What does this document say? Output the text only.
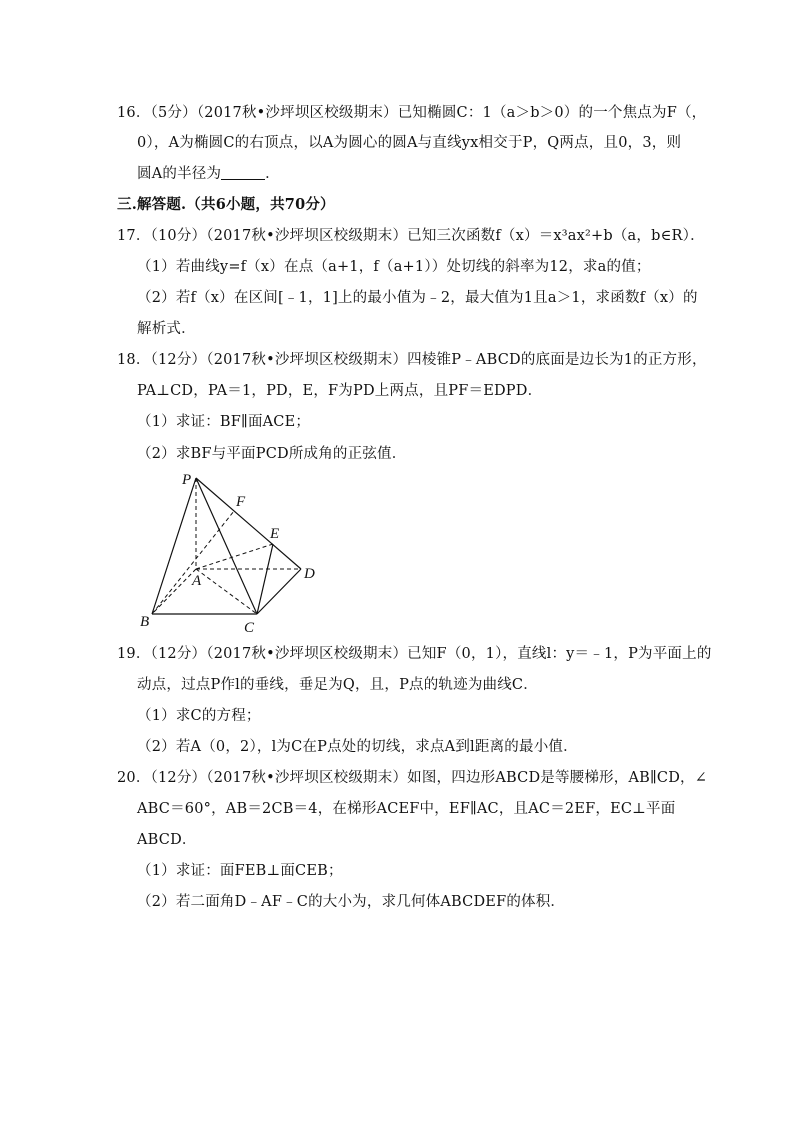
16．（5分）（2017秋•沙坪坝区校级期末）已知椭圆C：1（a＞b＞0）的一个焦点为F（，
0），A为椭圆C的右顶点，以A为圆心的圆A与直线yx相交于P，Q两点，且0，3，则
圆A的半径为	．
三.解答题.（共6小题，共70分）
17．（10分）（2017秋•沙坪坝区校级期末）已知三次函数f（x）＝x³ax²+b（a，b∈R）．
（1）若曲线y=f（x）在点（a+1，f（a+1））处切线的斜率为12，求a的值；
（2）若f（x）在区间[﹣1，1]上的最小值为﹣2，最大值为1且a＞1，求函数f（x）的
解析式．
18．（12分）（2017秋•沙坪坝区校级期末）四棱锥P﹣ABCD的底面是边长为1的正方形，
PA⊥CD，PA＝1，PD，E，F为PD上两点，且PF＝EDPD．
（1）求证：BF∥面ACE；
（2）求BF与平面PCD所成角的正弦值．
P
F
E
A	D
B	C
19．（12分）（2017秋•沙坪坝区校级期末）已知F（0，1），直线l：y＝﹣1，P为平面上的
动点，过点P作l的垂线，垂足为Q，且，P点的轨迹为曲线C．
（1）求C的方程；
（2）若A（0，2），l为C在P点处的切线，求点A到l距离的最小值．
20．（12分）（2017秋•沙坪坝区校级期末）如图，四边形ABCD是等腰梯形，AB∥CD，∠
ABC＝60°，AB＝2CB＝4，在梯形ACEF中，EF∥AC，且AC＝2EF，EC⊥平面
ABCD．
（1）求证：面FEB⊥面CEB；
（2）若二面角D﹣AF﹣C的大小为，求几何体ABCDEF的体积．
